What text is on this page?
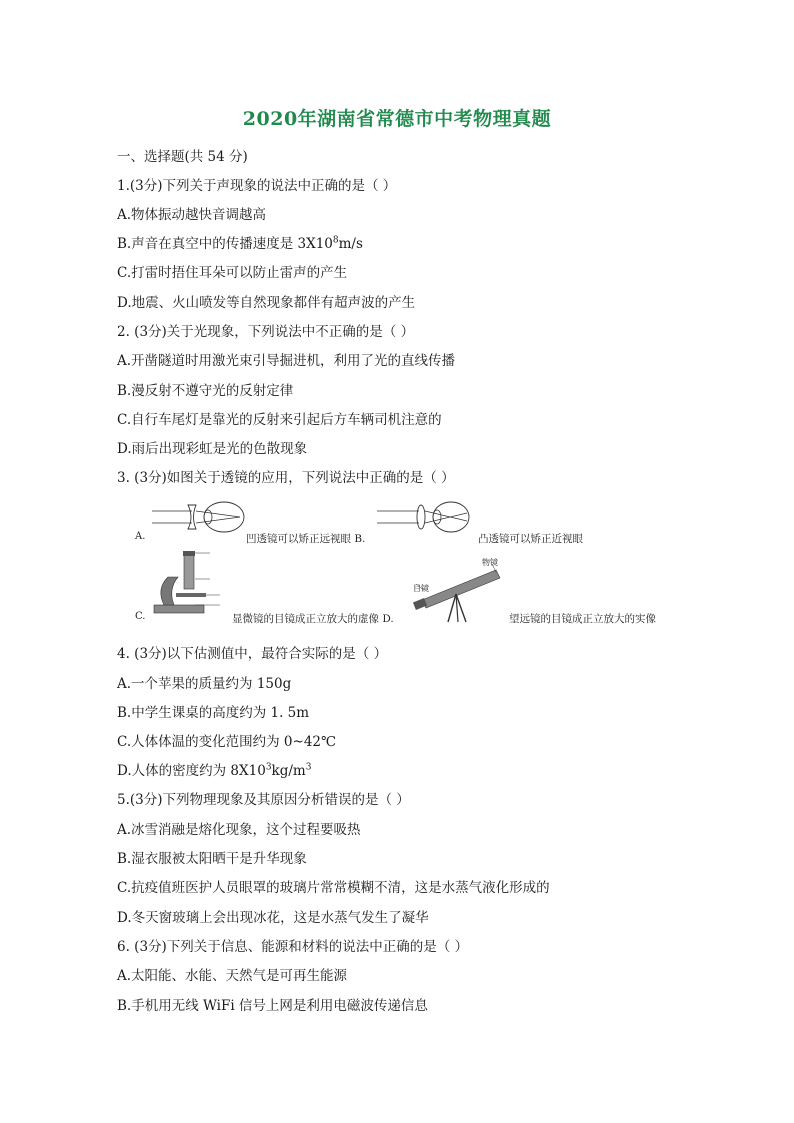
2020年湖南省常德市中考物理真题
一、选择题(共 54 分)
1.(3分)下列关于声现象的说法中正确的是（ ）
A.物体振动越快音调越高
B.声音在真空中的传播速度是 $3X10^8m/s$
C.打雷时捂住耳朵可以防止雷声的产生
D.地震、火山喷发等自然现象都伴有超声波的产生
2. (3分)关于光现象，下列说法中不正确的是（ ）
A.开凿隧道时用激光束引导掘进机，利用了光的直线传播
B.漫反射不遵守光的反射定律
C.自行车尾灯是靠光的反射来引起后方车辆司机注意的
D.雨后出现彩虹是光的色散现象
3. (3分)如图关于透镜的应用，下列说法中正确的是（ ）
A.	凹透镜可以矫正远视眼 B.	凸透镜可以矫正近视眼
C.	显微镜的目镜成正立放大的虚像 D.
目镜
物镜
望远镜的目镜成正立放大的实像
4. (3分)以下估测值中，最符合实际的是（ ）
A.一个苹果的质量约为 150g
B.中学生课桌的高度约为 1. 5m
C.人体体温的变化范围约为 0~42℃
D.人体的密度约为 $8X10^3kg/m^3$
5.(3分)下列物理现象及其原因分析错误的是（ ）
A.冰雪消融是熔化现象，这个过程要吸热
B.湿衣服被太阳晒干是升华现象
C.抗疫值班医护人员眼罩的玻璃片常常模糊不清，这是水蒸气液化形成的
D.冬天窗玻璃上会出现冰花，这是水蒸气发生了凝华
6. (3分)下列关于信息、能源和材料的说法中正确的是（ ）
A.太阳能、水能、天然气是可再生能源
B.手机用无线 WiFi 信号上网是利用电磁波传递信息
